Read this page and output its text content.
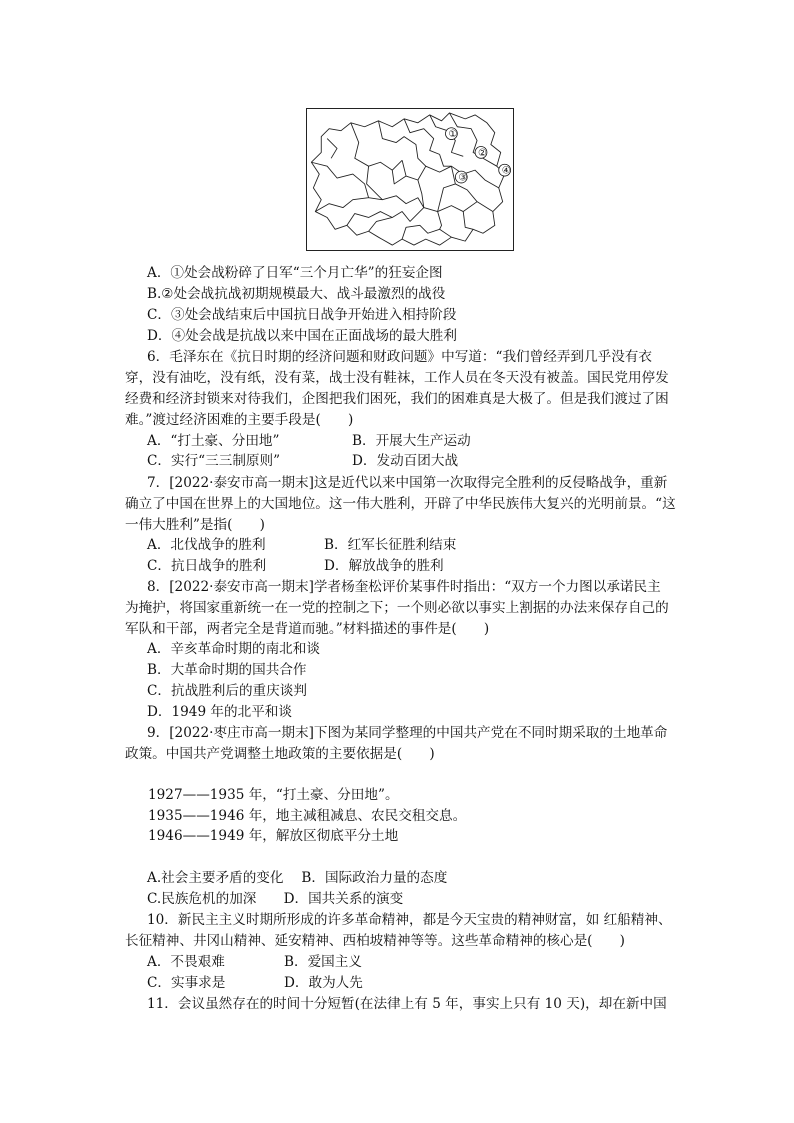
①
②
③
④
A．①处会战粉碎了日军“三个月亡华”的狂妄企图
B.②处会战抗战初期规模最大、战斗最激烈的战役
C．③处会战结束后中国抗日战争开始进入相持阶段
D．④处会战是抗战以来中国在正面战场的最大胜利
6．毛泽东在《抗日时期的经济问题和财政问题》中写道：“我们曾经弄到几乎没有衣
穿，没有油吃，没有纸，没有菜，战士没有鞋袜，工作人员在冬天没有被盖。国民党用停发
经费和经济封锁来对待我们，企图把我们困死，我们的困难真是大极了。但是我们渡过了困
难。”渡过经济困难的主要手段是(　　)
A．“打土豪、分田地”	B．开展大生产运动
C．实行“三三制原则”	D．发动百团大战
7．[2022·泰安市高一期末]这是近代以来中国第一次取得完全胜利的反侵略战争，重新
确立了中国在世界上的大国地位。这一伟大胜利，开辟了中华民族伟大复兴的光明前景。“这
一伟大胜利”是指(　　)
A．北伐战争的胜利	B．红军长征胜利结束
C．抗日战争的胜利	D．解放战争的胜利
8．[2022·泰安市高一期末]学者杨奎松评价某事件时指出：“双方一个力图以承诺民主
为掩护，将国家重新统一在一党的控制之下；一个则必欲以事实上割据的办法来保存自己的
军队和干部，两者完全是背道而驰。”材料描述的事件是(　　)
A．辛亥革命时期的南北和谈
B．大革命时期的国共合作
C．抗战胜利后的重庆谈判
D．1949 年的北平和谈
9．[2022·枣庄市高一期末]下图为某同学整理的中国共产党在不同时期采取的土地革命
政策。中国共产党调整土地政策的主要依据是(　　)
1927——1935 年，“打土豪、分田地”。
1935——1946 年，地主减租减息、农民交租交息。
1946——1949 年，解放区彻底平分土地
A.社会主要矛盾的变化　 B．国际政治力量的态度
C.民族危机的加深　　D．国共关系的演变
10．新民主主义时期所形成的许多革命精神，都是今天宝贵的精神财富，如 红船精神、
长征精神、井冈山精神、延安精神、西柏坡精神等等。这些革命精神的核心是(　　)
A．不畏艰难	B．爱国主义
C．实事求是	D．敢为人先
11．会议虽然存在的时间十分短暂(在法律上有 5 年，事实上只有 10 天)，却在新中国
